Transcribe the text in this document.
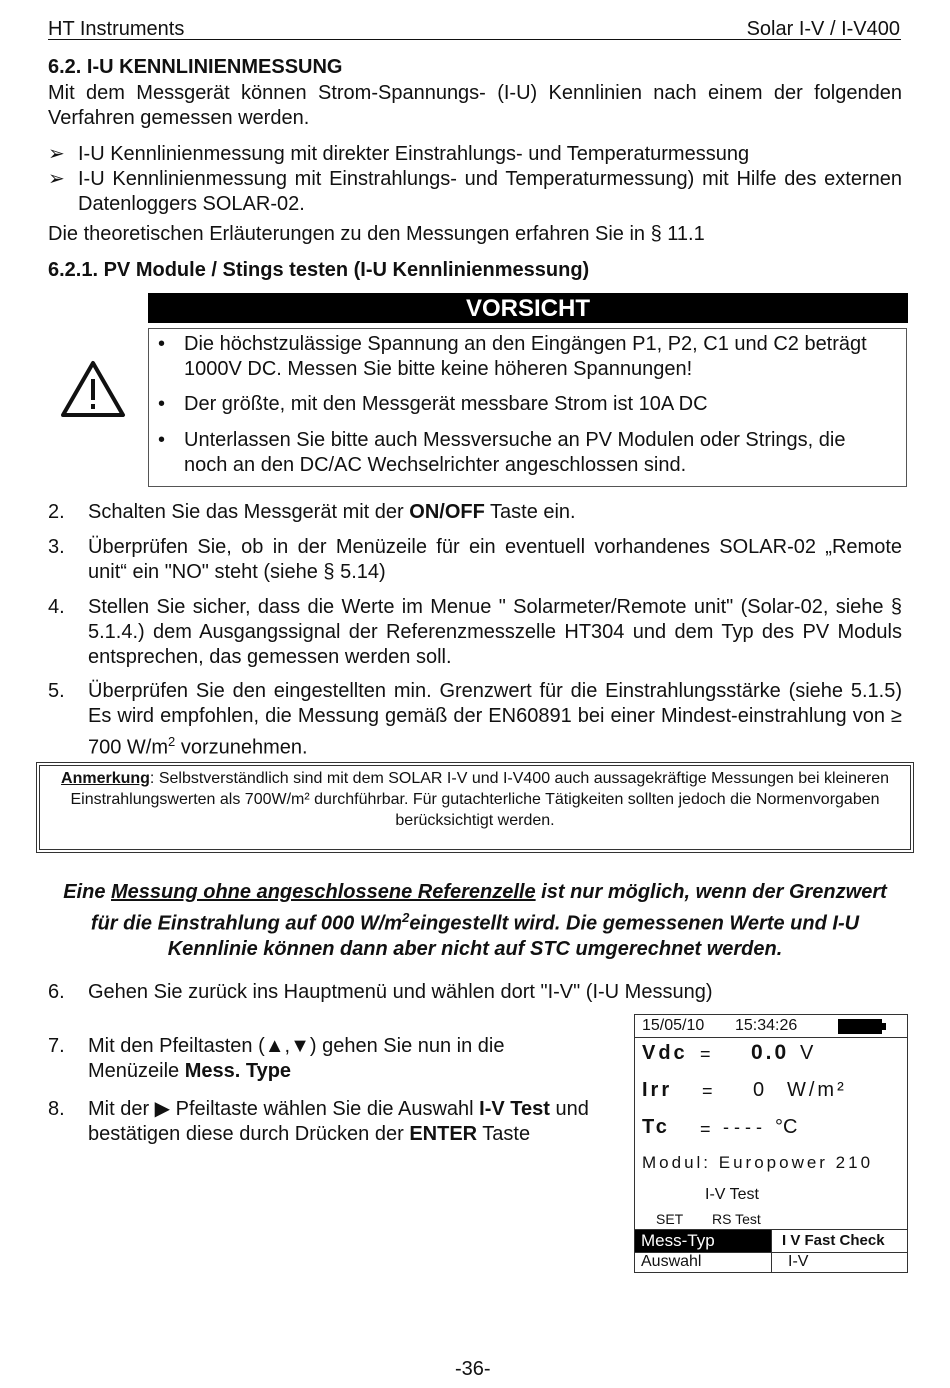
HT Instruments	Solar I-V / I-V400
6.2. I-U KENNLINIENMESSUNG
Mit dem Messgerät können Strom-Spannungs- (I-U) Kennlinien nach einem der folgenden Verfahren gemessen werden.
➢ I-U Kennlinienmessung mit direkter Einstrahlungs- und Temperaturmessung
➢ I-U Kennlinienmessung mit Einstrahlungs- und Temperaturmessung) mit Hilfe des externen Datenloggers SOLAR-02.
Die theoretischen Erläuterungen zu den Messungen erfahren Sie in § 11.1
6.2.1. PV Module / Stings testen (I-U Kennlinienmessung)
VORSICHT
• Die höchstzulässige Spannung an den Eingängen P1, P2, C1 und C2 beträgt 1000V DC. Messen Sie bitte keine höheren Spannungen!
• Der größte, mit den Messgerät messbare Strom ist 10A DC
• Unterlassen Sie bitte auch Messversuche an PV Modulen oder Strings, die noch an den DC/AC Wechselrichter angeschlossen sind.
2. Schalten Sie das Messgerät mit der ON/OFF Taste ein.
3. Überprüfen Sie, ob in der Menüzeile für ein eventuell vorhandenes SOLAR-02 „Remote unit“ ein "NO" steht (siehe § 5.14)
4. Stellen Sie sicher, dass die Werte im Menue " Solarmeter/Remote unit" (Solar-02, siehe § 5.1.4.) dem Ausgangssignal der Referenzmesszelle HT304 und dem Typ des PV Moduls entsprechen, das gemessen werden soll.
5. Überprüfen Sie den eingestellten min. Grenzwert für die Einstrahlungsstärke (siehe 5.1.5) Es wird empfohlen, die Messung gemäß der EN60891 bei einer Mindest-einstrahlung von ≥ 700 $W/m^2$ vorzunehmen.
Anmerkung: Selbstverständlich sind mit dem SOLAR I-V und I-V400 auch aussagekräftige Messungen bei kleineren Einstrahlungswerten als 700W/m² durchführbar. Für gutachterliche Tätigkeiten sollten jedoch die Normenvorgaben berücksichtigt werden.
Eine Messung ohne angeschlossene Referenzelle ist nur möglich, wenn der Grenzwert für die Einstrahlung auf 000 $W/m^2eingestellt$ wird. Die gemessenen Werte und I-U Kennlinie können dann aber nicht auf STC umgerechnet werden.
6. Gehen Sie zurück ins Hauptmenü und wählen dort "I-V" (I-U Messung)
7. Mit den Pfeiltasten (▲,▼) gehen Sie nun in die Menüzeile Mess. Type
8. Mit der ▶ Pfeiltaste wählen Sie die Auswahl I-V Test und bestätigen diese durch Drücken der ENTER Taste
15/05/10 15:34:26
Vdc = 0.0 V
Irr = 0 W/m²
Tc = - - - - °C
Modul: Europower 210
I-V Test
SET RS Test
Mess-Typ	I V Fast Check
Auswahl	I-V
-36-
